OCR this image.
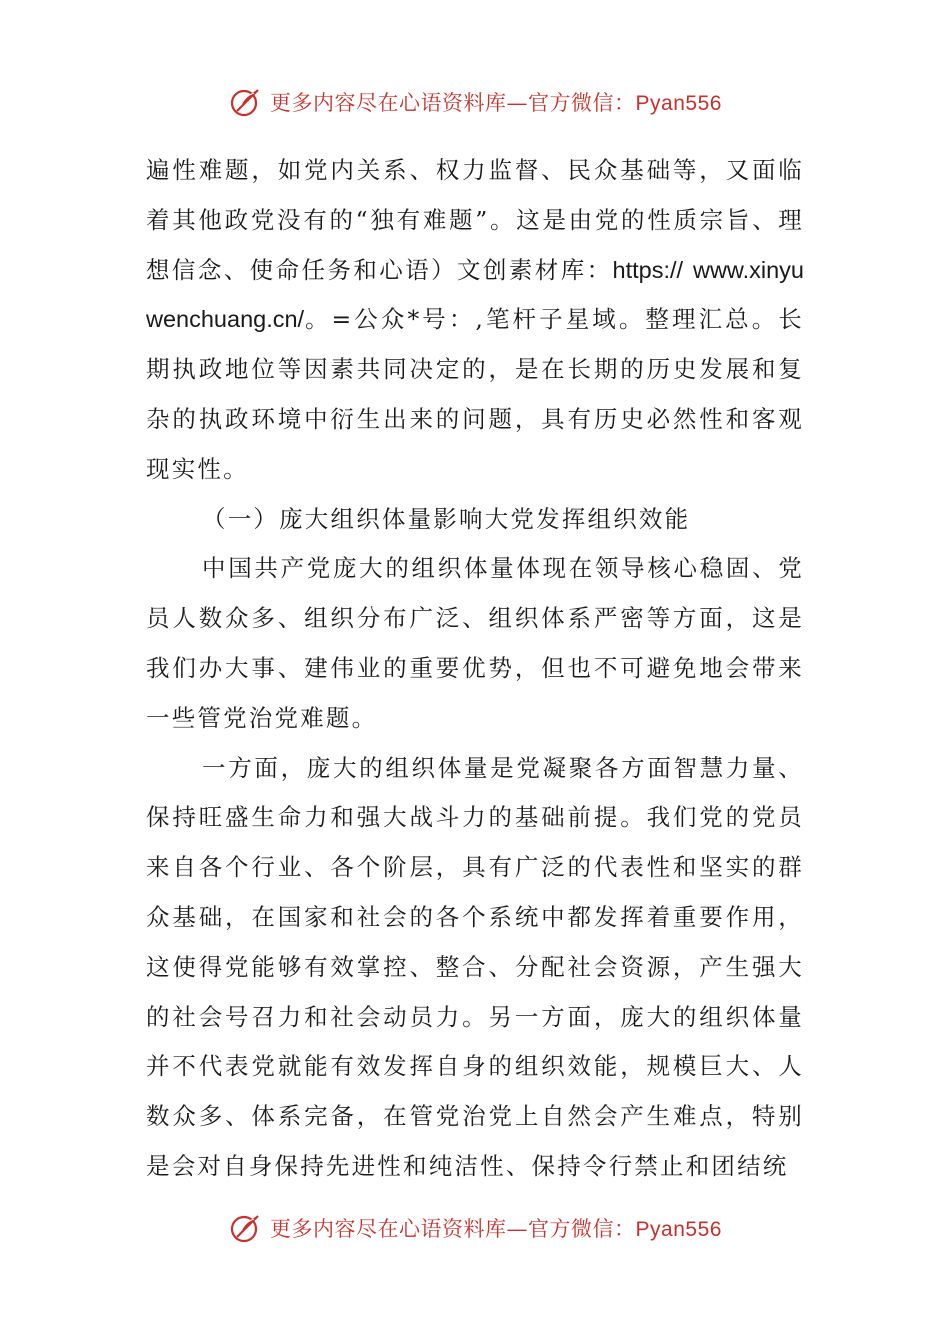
更多内容尽在心语资料库—官方微信：Pyan556

遍性难题，如党内关系、权力监督、民众基础等，又面临着其他政党没有的“独有难题”。这是由党的性质宗旨、理想信念、使命任务和心语）文创素材库：https:// www.xinyuwenchuang.cn/。=公众*号：,笔杆子星域。整理汇总。长期执政地位等因素共同决定的，是在长期的历史发展和复杂的执政环境中衍生出来的问题，具有历史必然性和客观现实性。

（一）庞大组织体量影响大党发挥组织效能

中国共产党庞大的组织体量体现在领导核心稳固、党员人数众多、组织分布广泛、组织体系严密等方面，这是我们办大事、建伟业的重要优势，但也不可避免地会带来一些管党治党难题。

一方面，庞大的组织体量是党凝聚各方面智慧力量、保持旺盛生命力和强大战斗力的基础前提。我们党的党员来自各个行业、各个阶层，具有广泛的代表性和坚实的群众基础，在国家和社会的各个系统中都发挥着重要作用，这使得党能够有效掌控、整合、分配社会资源，产生强大的社会号召力和社会动员力。另一方面，庞大的组织体量并不代表党就能有效发挥自身的组织效能，规模巨大、人数众多、体系完备，在管党治党上自然会产生难点，特别是会对自身保持先进性和纯洁性、保持令行禁止和团结统

更多内容尽在心语资料库—官方微信：Pyan556
